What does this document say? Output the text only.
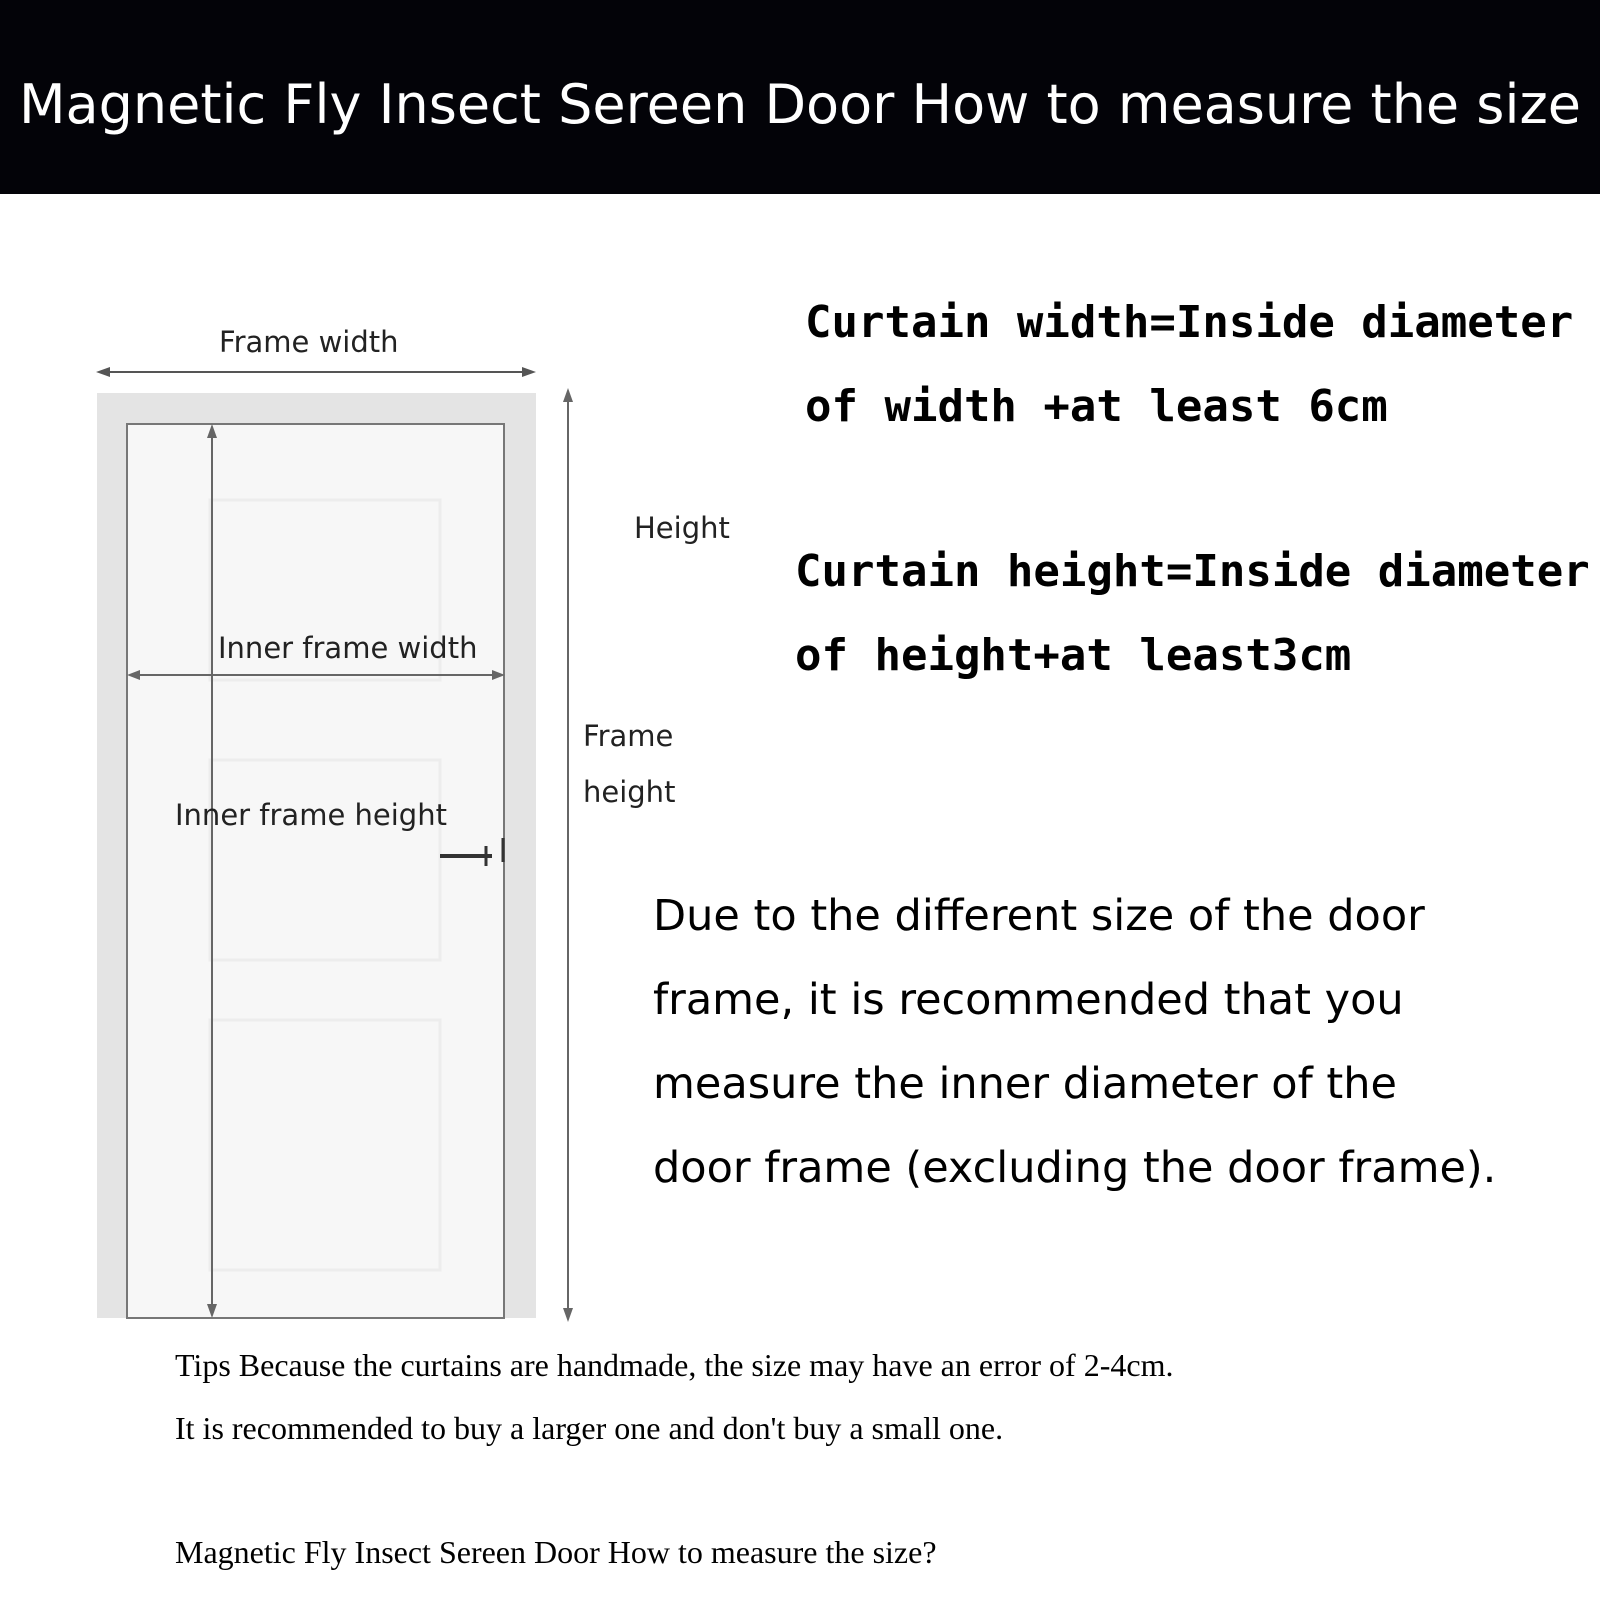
Magnetic Fly Insect Sereen Door How to measure the size
Frame width
Height
Inner frame width
Frame
height
Inner frame height
Curtain width=Inside diameter
of width +at least 6cm
Curtain height=Inside diameter
of height+at least3cm
Due to the different size of the door
frame, it is recommended that you
measure the inner diameter of the
door frame (excluding the door frame).
Tips Because the curtains are handmade, the size may have an error of 2-4cm.
It is recommended to buy a larger one and don't buy a small one.
Magnetic Fly Insect Sereen Door How to measure the size?
